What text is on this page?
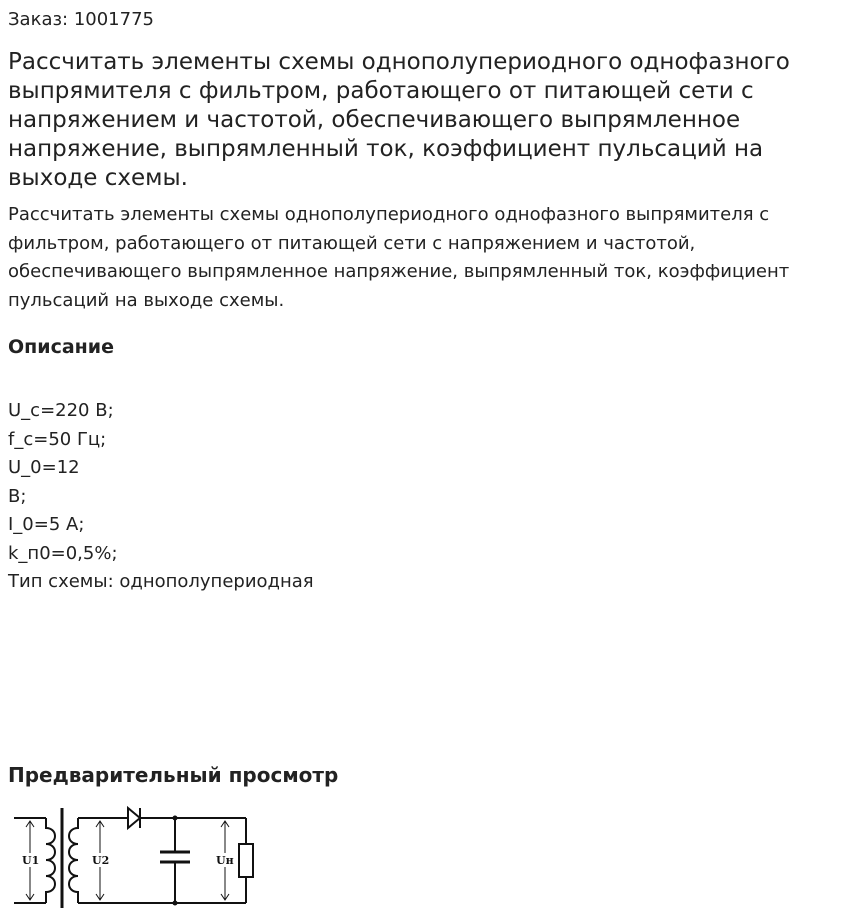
Заказ: 1001775

Рассчитать элементы схемы однополупериодного однофазного выпрямителя с фильтром, работающего от питающей сети с напряжением и частотой, обеспечивающего выпрямленное напряжение, выпрямленный ток, коэффициент пульсаций на выходе схемы.

Рассчитать элементы схемы однополупериодного однофазного выпрямителя с фильтром, работающего от питающей сети с напряжением и частотой, обеспечивающего выпрямленное напряжение, выпрямленный ток, коэффициент пульсаций на выходе схемы.

Описание
U_c=220 В;
f_c=50 Гц;
U_0=12
В;
I_0=5 А;
k_п0=0,5%;
Тип схемы: однополупериодная
Предварительный просмотр
U1	U2	Uн
